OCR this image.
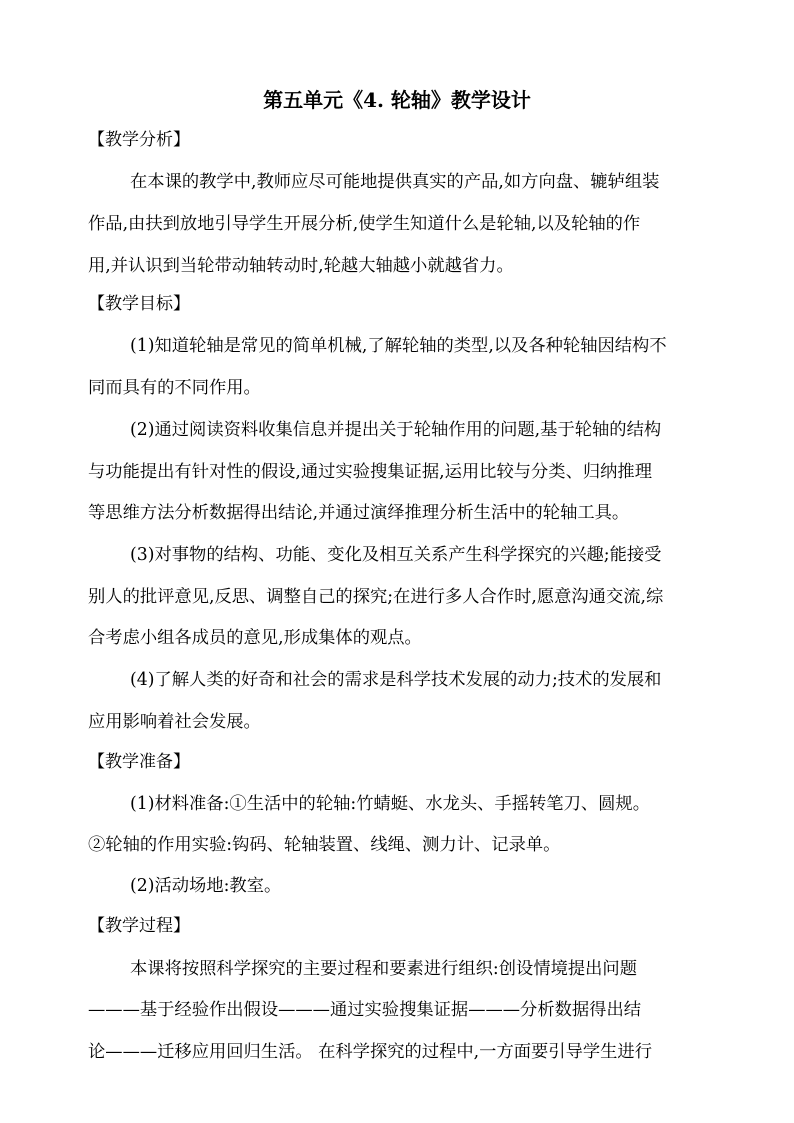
第五单元《4. 轮轴》教学设计
【教学分析】
在本课的教学中,教师应尽可能地提供真实的产品,如方向盘、辘轳组装
作品,由扶到放地引导学生开展分析,使学生知道什么是轮轴,以及轮轴的作
用,并认识到当轮带动轴转动时,轮越大轴越小就越省力。
【教学目标】
(1)知道轮轴是常见的简单机械,了解轮轴的类型,以及各种轮轴因结构不
同而具有的不同作用。
(2)通过阅读资料收集信息并提出关于轮轴作用的问题,基于轮轴的结构
与功能提出有针对性的假设,通过实验搜集证据,运用比较与分类、归纳推理
等思维方法分析数据得出结论,并通过演绎推理分析生活中的轮轴工具。
(3)对事物的结构、功能、变化及相互关系产生科学探究的兴趣;能接受
别人的批评意见,反思、调整自己的探究;在进行多人合作时,愿意沟通交流,综
合考虑小组各成员的意见,形成集体的观点。
(4)了解人类的好奇和社会的需求是科学技术发展的动力;技术的发展和
应用影响着社会发展。
【教学准备】
(1)材料准备:①生活中的轮轴:竹蜻蜓、水龙头、手摇转笔刀、圆规。
②轮轴的作用实验:钩码、轮轴装置、线绳、测力计、记录单。
(2)活动场地:教室。
【教学过程】
本课将按照科学探究的主要过程和要素进行组织:创设情境提出问题
———基于经验作出假设———通过实验搜集证据———分析数据得出结
论———迁移应用回归生活。 在科学探究的过程中,一方面要引导学生进行
